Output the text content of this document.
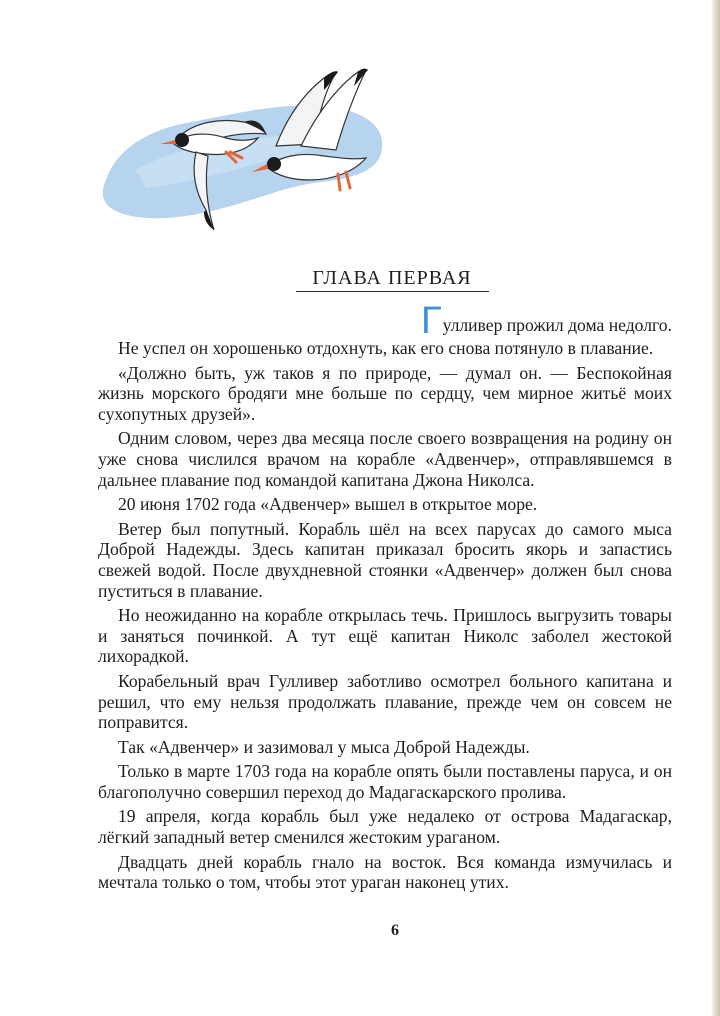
ГЛАВА ПЕРВАЯ
Г улливер прожил дома недолго.

Не успел он хорошенько отдохнуть, как его снова потянуло в плавание.

«Должно быть, уж таков я по природе, — думал он. — Беспокойная жизнь морского бродяги мне больше по сердцу, чем мирное житьё моих сухопутных друзей».

Одним словом, через два месяца после своего возвращения на родину он уже снова числился врачом на корабле «Адвенчер», отправлявшемся в дальнее плавание под командой капитана Джона Николса.

20 июня 1702 года «Адвенчер» вышел в открытое море.

Ветер был попутный. Корабль шёл на всех парусах до самого мыса Доброй Надежды. Здесь капитан приказал бросить якорь и запастись свежей водой. После двухдневной стоянки «Адвенчер» должен был снова пуститься в плавание.

Но неожиданно на корабле открылась течь. Пришлось выгрузить товары и заняться починкой. А тут ещё капитан Николс заболел жестокой лихорадкой.

Корабельный врач Гулливер заботливо осмотрел больного капитана и решил, что ему нельзя продолжать плавание, прежде чем он совсем не поправится.

Так «Адвенчер» и зазимовал у мыса Доброй Надежды.

Только в марте 1703 года на корабле опять были поставлены паруса, и он благополучно совершил переход до Мадагаскарского пролива.

19 апреля, когда корабль был уже недалеко от острова Мадагаскар, лёгкий западный ветер сменился жестоким ураганом.

Двадцать дней корабль гнало на восток. Вся команда измучилась и мечтала только о том, чтобы этот ураган наконец утих.

6
